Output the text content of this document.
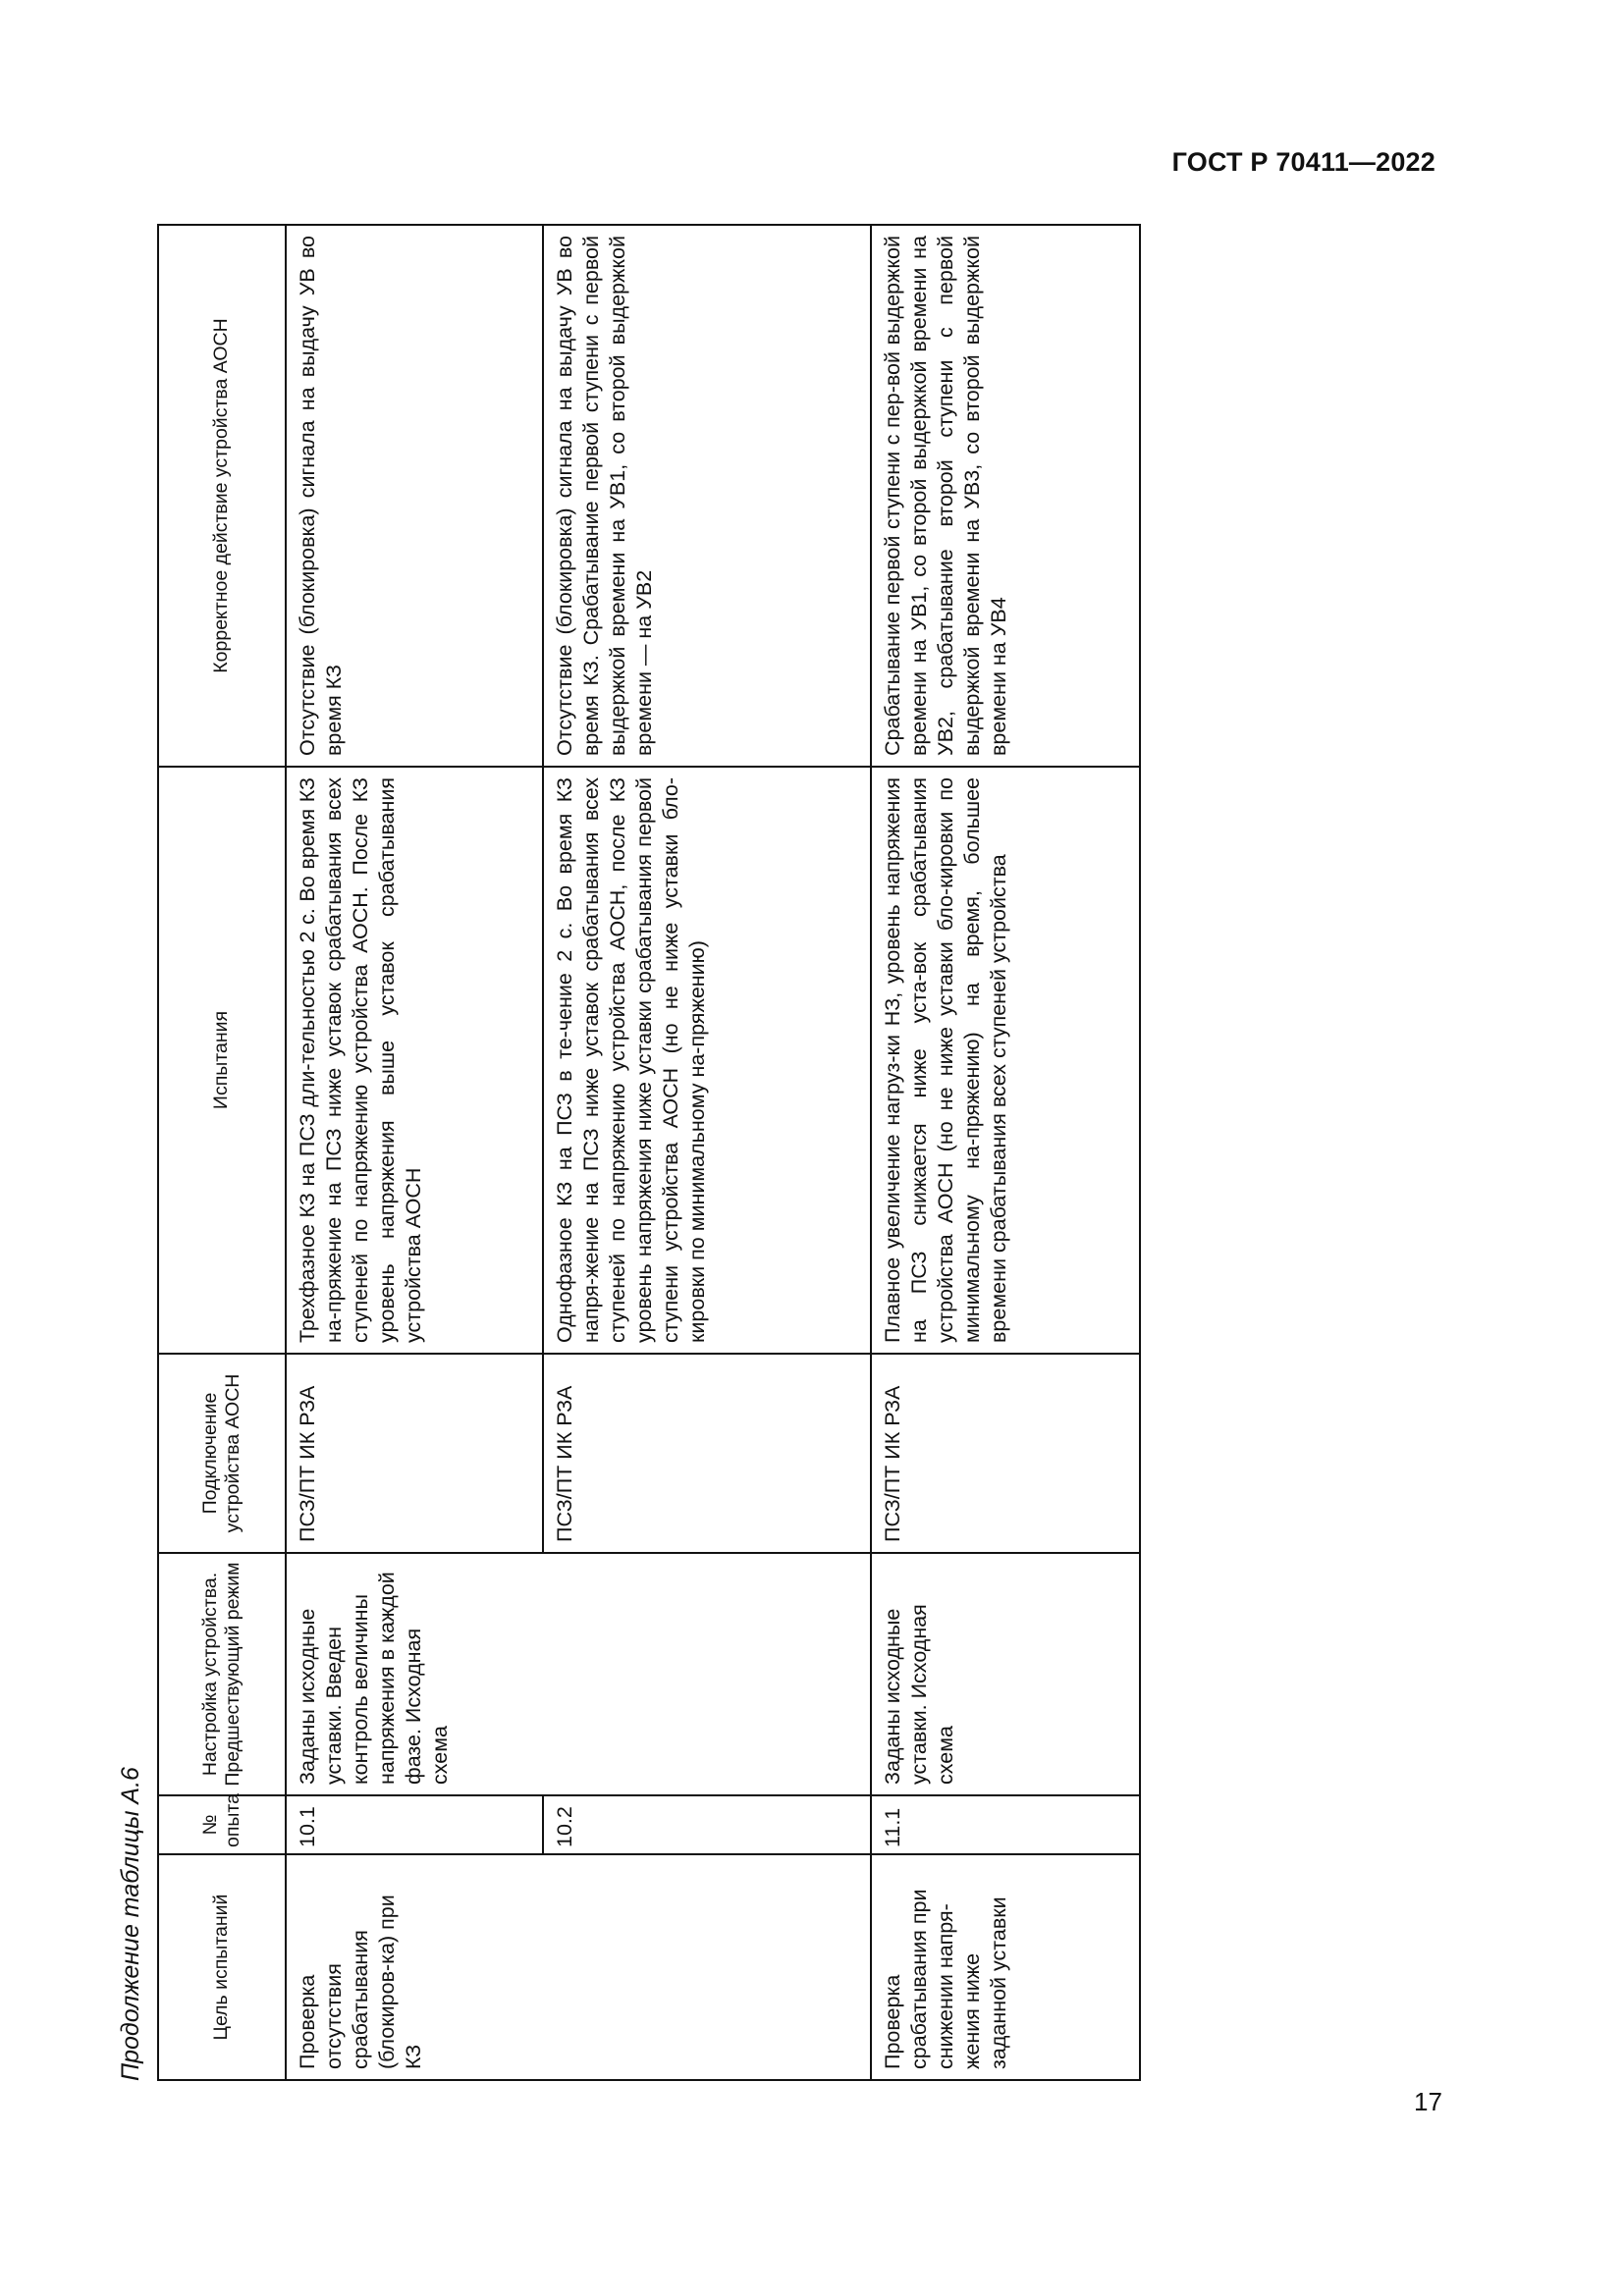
ГОСТ Р 70411—2022
Продолжение таблицы А.6	Цель испытаний	№ опыта	Настройка устройства. Предшествующий режим	Подключение устройства АОСН	Испытания	Корректное действие устройства АОСН
Проверка отсутствия срабатывания (блокиров-ка) при КЗ	10.1	Заданы исходные уставки. Введен контроль величины напряжения в каждой фазе. Исходная схема	ПСЗ/ПТ ИК РЗА	Трехфазное КЗ на ПСЗ дли-тельностью 2 с. Во время КЗ на-пряжение на ПСЗ ниже уставок срабатывания всех ступеней по напряжению устройства АОСН. После КЗ уровень напряжения выше уставок срабатывания устройства АОСН	Отсутствие (блокировка) сигнала на выдачу УВ во время КЗ
	10.2		ПСЗ/ПТ ИК РЗА	Однофазное КЗ на ПСЗ в те-чение 2 с. Во время КЗ напря-жение на ПСЗ ниже уставок срабатывания всех ступеней по напряжению устройства АОСН, после КЗ уровень напряжения ниже уставки срабатывания первой ступени устройства АОСН (но не ниже уставки бло-кировки по минимальному на-пряжению)	Отсутствие (блокировка) сигнала на выдачу УВ во время КЗ. Срабатывание первой ступени с первой выдержкой времени на УВ1, со второй выдержкой времени — на УВ2
Проверка срабатывания при снижении напря-жения ниже заданной уставки	11.1	Заданы исходные уставки. Исходная схема	ПСЗ/ПТ ИК РЗА	Плавное увеличение нагруз-ки НЗ, уровень напряжения на ПСЗ снижается ниже уста-вок срабатывания устройства АОСН (но не ниже уставки бло-кировки по минимальному на-пряжению) на время, большее времени срабатывания всех ступеней устройства	Срабатывание первой ступени с пер-вой выдержкой времени на УВ1, со второй выдержкой времени на УВ2, срабатывание второй ступени с первой выдержкой времени на УВ3, со второй выдержкой времени на УВ4
17
